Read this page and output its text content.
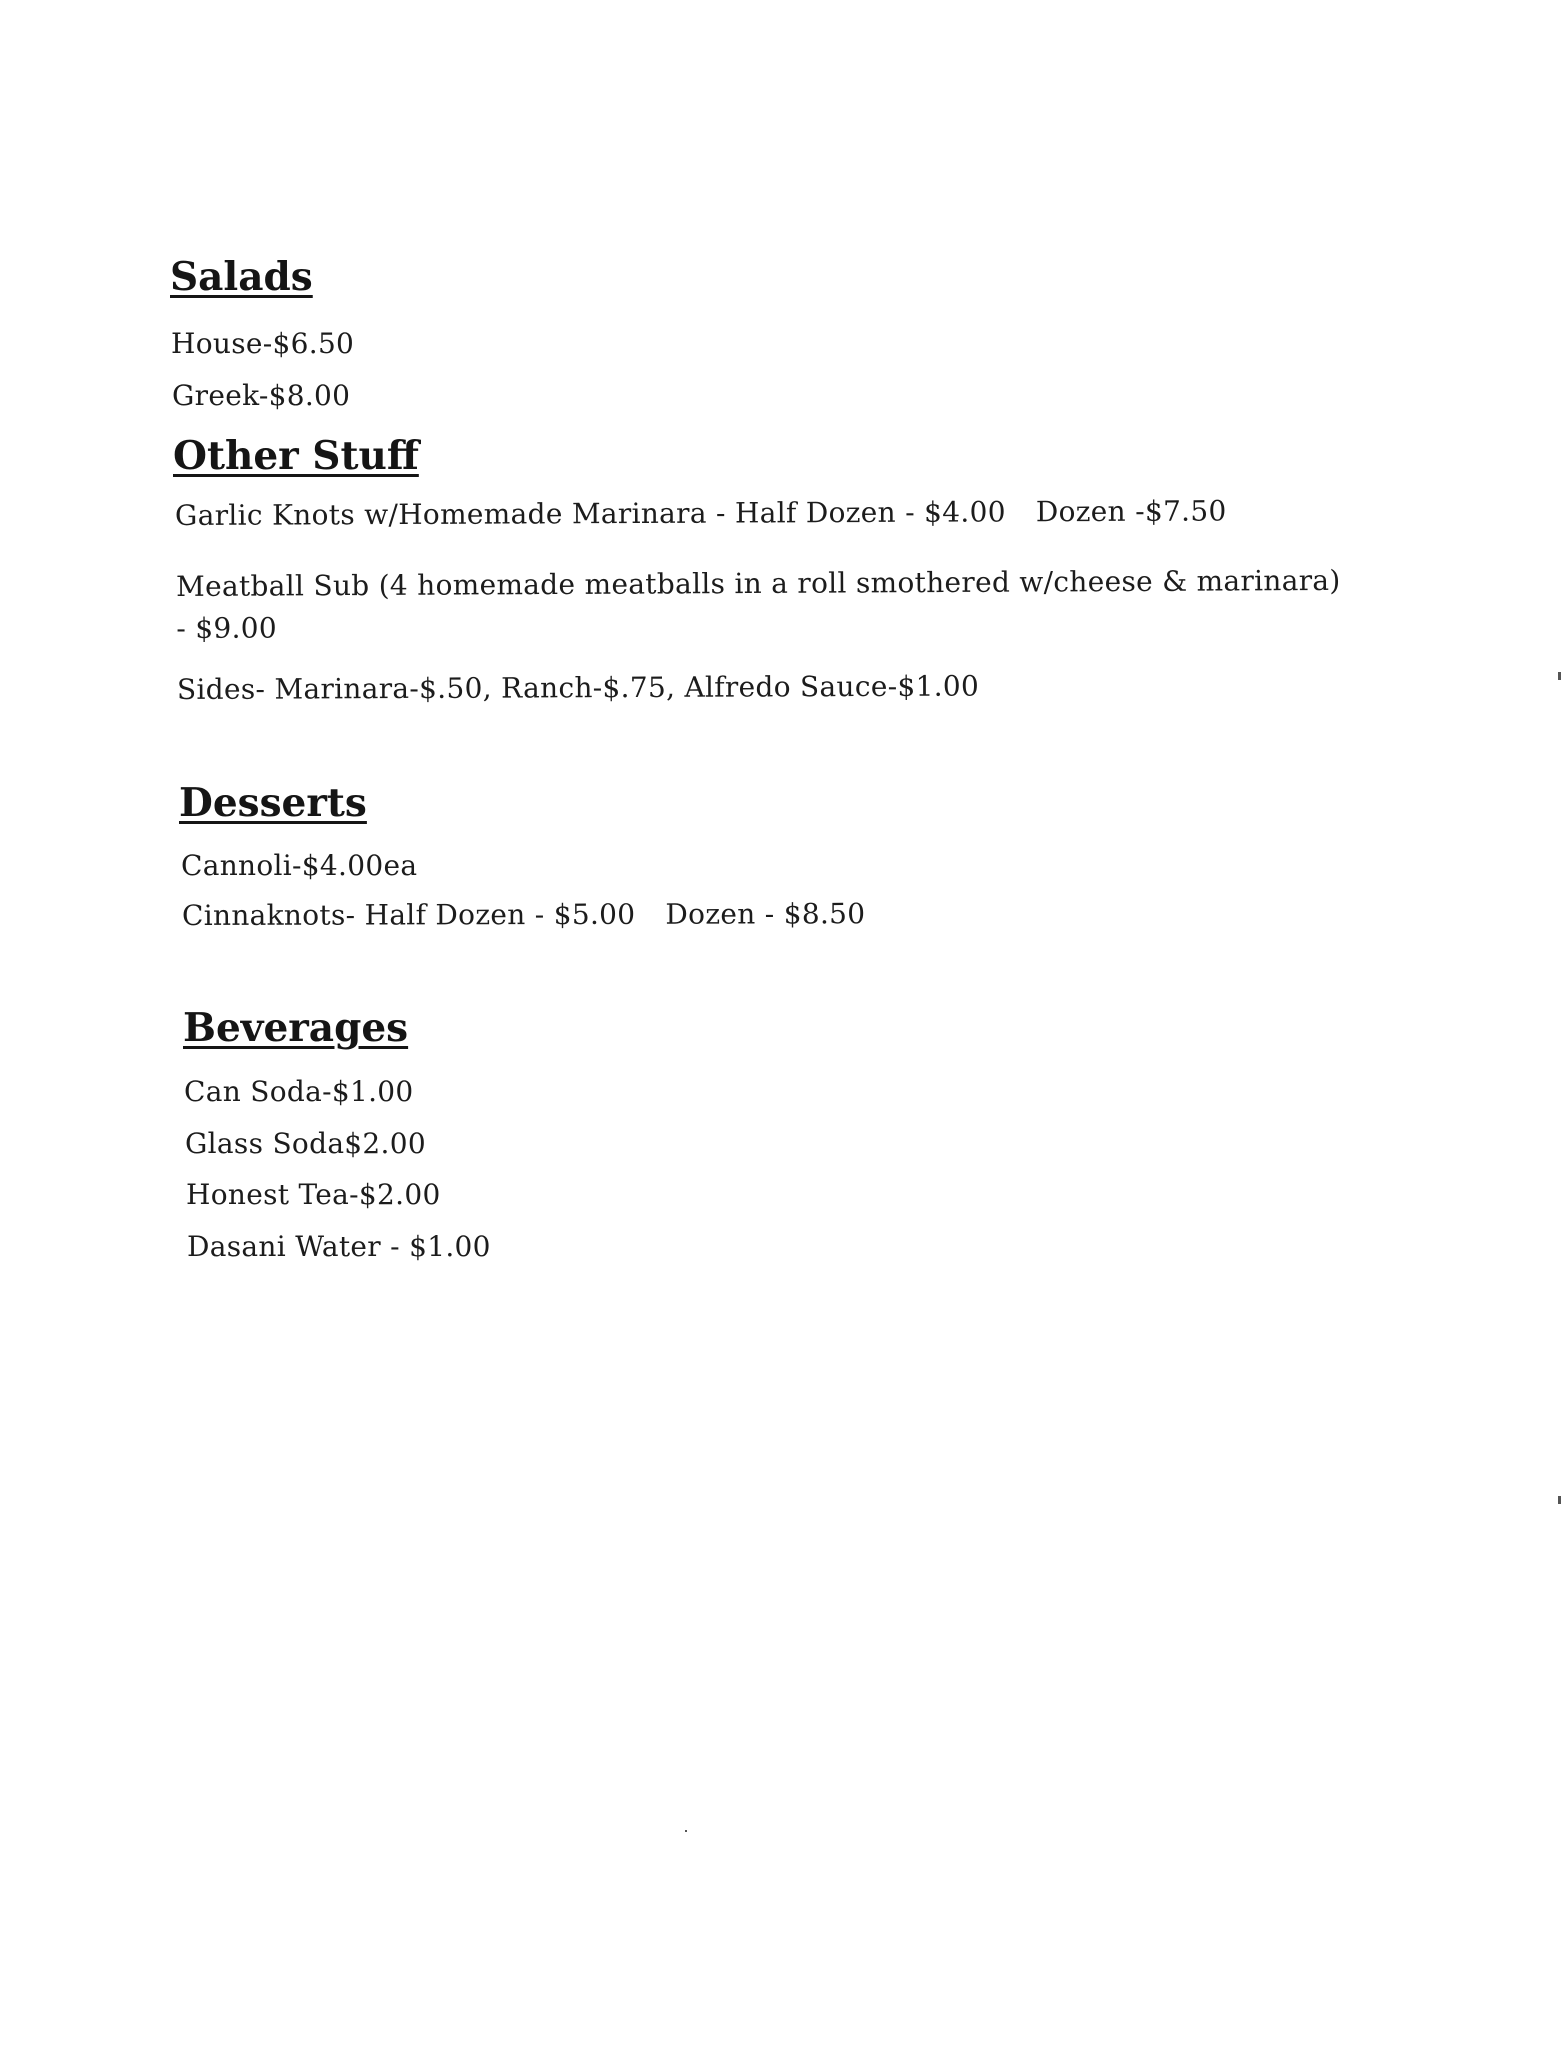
Salads

House-$6.50

Greek-$8.00

Other Stuff

Garlic Knots w/Homemade Marinara - Half Dozen - $4.00 Dozen -$7.50

Meatball Sub (4 homemade meatballs in a roll smothered w/cheese & marinara) - $9.00

Sides- Marinara-$.50, Ranch-$.75, Alfredo Sauce-$1.00

Desserts

Cannoli-$4.00ea

Cinnaknots- Half Dozen - $5.00 Dozen - $8.50

Beverages

Can Soda-$1.00

Glass Soda$2.00

Honest Tea-$2.00

Dasani Water - $1.00
